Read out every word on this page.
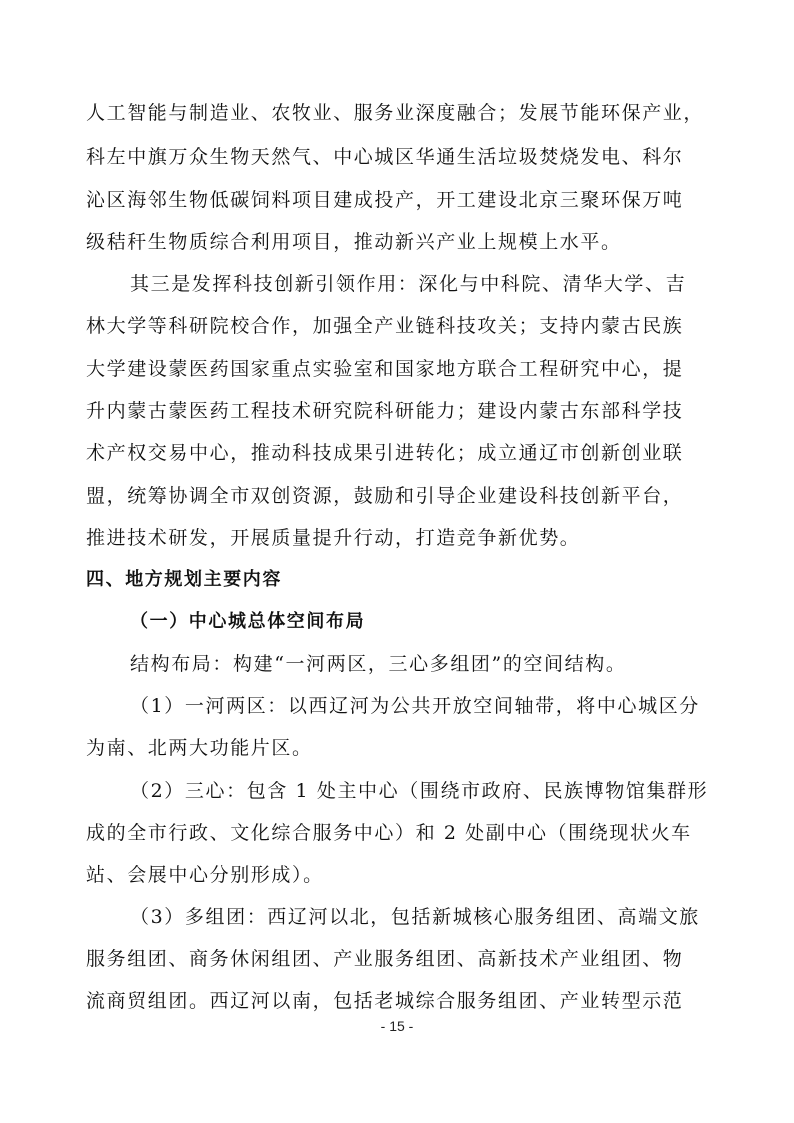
人工智能与制造业、农牧业、服务业深度融合；发展节能环保产业，
科左中旗万众生物天然气、中心城区华通生活垃圾焚烧发电、科尔
沁区海邻生物低碳饲料项目建成投产，开工建设北京三聚环保万吨
级秸秆生物质综合利用项目，推动新兴产业上规模上水平。
其三是发挥科技创新引领作用：深化与中科院、清华大学、吉
林大学等科研院校合作，加强全产业链科技攻关；支持内蒙古民族
大学建设蒙医药国家重点实验室和国家地方联合工程研究中心，提
升内蒙古蒙医药工程技术研究院科研能力；建设内蒙古东部科学技
术产权交易中心，推动科技成果引进转化；成立通辽市创新创业联
盟，统筹协调全市双创资源，鼓励和引导企业建设科技创新平台，
推进技术研发，开展质量提升行动，打造竞争新优势。
四、地方规划主要内容
（一）中心城总体空间布局
结构布局：构建“一河两区，三心多组团”的空间结构。
（1）一河两区：以西辽河为公共开放空间轴带，将中心城区分
为南、北两大功能片区。
（2）三心：包含 1 处主中心（围绕市政府、民族博物馆集群形
成的全市行政、文化综合服务中心）和 2 处副中心（围绕现状火车
站、会展中心分别形成）。
（3）多组团：西辽河以北，包括新城核心服务组团、高端文旅
服务组团、商务休闲组团、产业服务组团、高新技术产业组团、物
流商贸组团。西辽河以南，包括老城综合服务组团、产业转型示范
- 15 -
